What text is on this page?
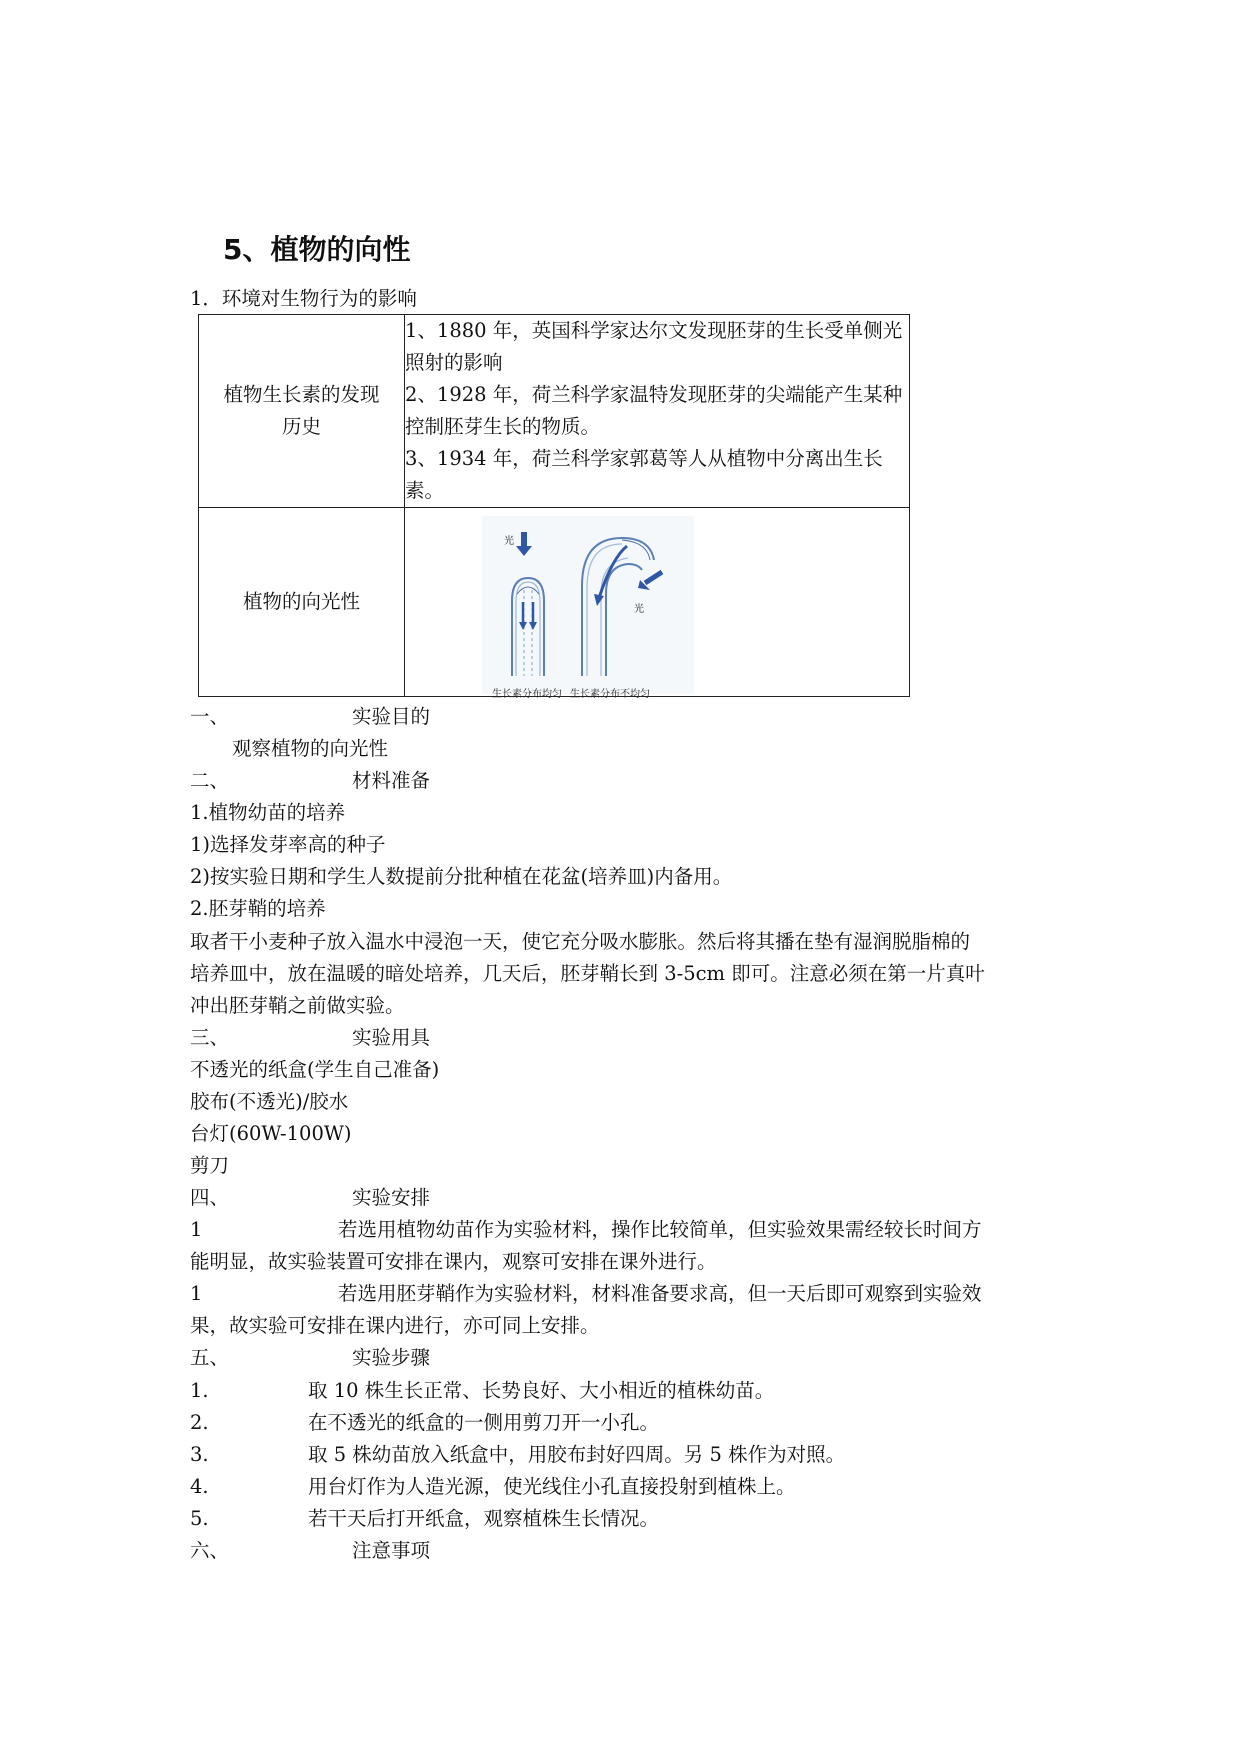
5、植物的向性
1．环境对生物行为的影响
植物生长素的发现历史	1、1880 年，英国科学家达尔文发现胚芽的生长受单侧光照射的影响
2、1928 年，荷兰科学家温特发现胚芽的尖端能产生某种控制胚芽生长的物质。
3、1934 年，荷兰科学家郭葛等人从植物中分离出生长素。

植物的向光性	光
光
生长素分布均匀 生长素分布不均匀
一、	实验目的
观察植物的向光性
二、	材料准备
1.植物幼苗的培养
1)选择发芽率高的种子
2)按实验日期和学生人数提前分批种植在花盆(培养皿)内备用。
2.胚芽鞘的培养
取者干小麦种子放入温水中浸泡一天，使它充分吸水膨胀。然后将其播在垫有湿润脱脂棉的
培养皿中，放在温暖的暗处培养，几天后，胚芽鞘长到 3-5cm 即可。注意必须在第一片真叶
冲出胚芽鞘之前做实验。
三、	实验用具
不透光的纸盒(学生自己准备)
胶布(不透光)/胶水
台灯(60W-100W)
剪刀
四、	实验安排
1	若选用植物幼苗作为实验材料，操作比较简单，但实验效果需经较长时间方
能明显，故实验装置可安排在课内，观察可安排在课外进行。
1	若选用胚芽鞘作为实验材料，材料准备要求高，但一天后即可观察到实验效
果，故实验可安排在课内进行，亦可同上安排。
五、	实验步骤
1.	取 10 株生长正常、长势良好、大小相近的植株幼苗。
2.	在不透光的纸盒的一侧用剪刀开一小孔。
3.	取 5 株幼苗放入纸盒中，用胶布封好四周。另 5 株作为对照。
4.	用台灯作为人造光源，使光线住小孔直接投射到植株上。
5.	若干天后打开纸盒，观察植株生长情况。
六、	注意事项
